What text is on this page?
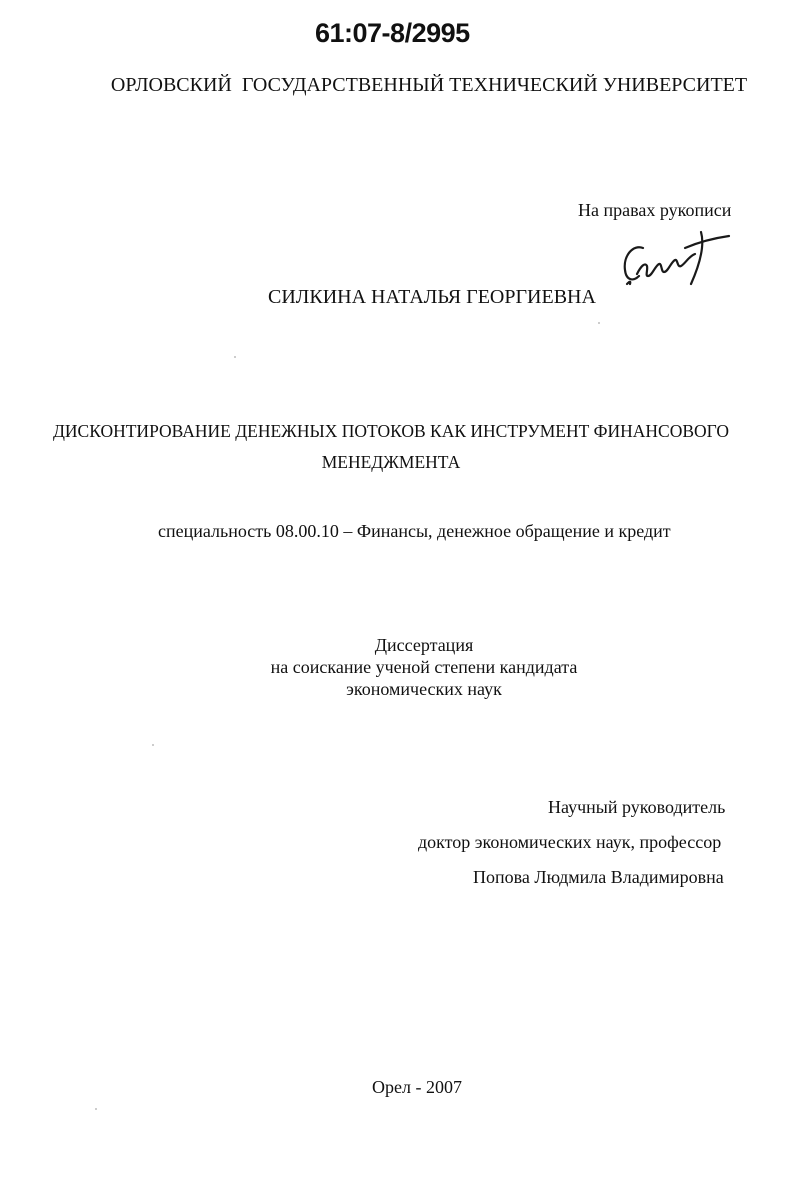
61:07-8/2995
ОРЛОВСКИЙ  ГОСУДАРСТВЕННЫЙ ТЕХНИЧЕСКИЙ УНИВЕРСИТЕТ
На правах рукописи
СИЛКИНА НАТАЛЬЯ ГЕОРГИЕВНА
ДИСКОНТИРОВАНИЕ ДЕНЕЖНЫХ ПОТОКОВ КАК ИНСТРУМЕНТ ФИНАНСОВОГО
МЕНЕДЖМЕНТА
специальность 08.00.10 – Финансы, денежное обращение и кредит
Диссертация
на соискание ученой степени кандидата
экономических наук
Научный руководитель
доктор экономических наук, профессор
Попова Людмила Владимировна
Орел - 2007
